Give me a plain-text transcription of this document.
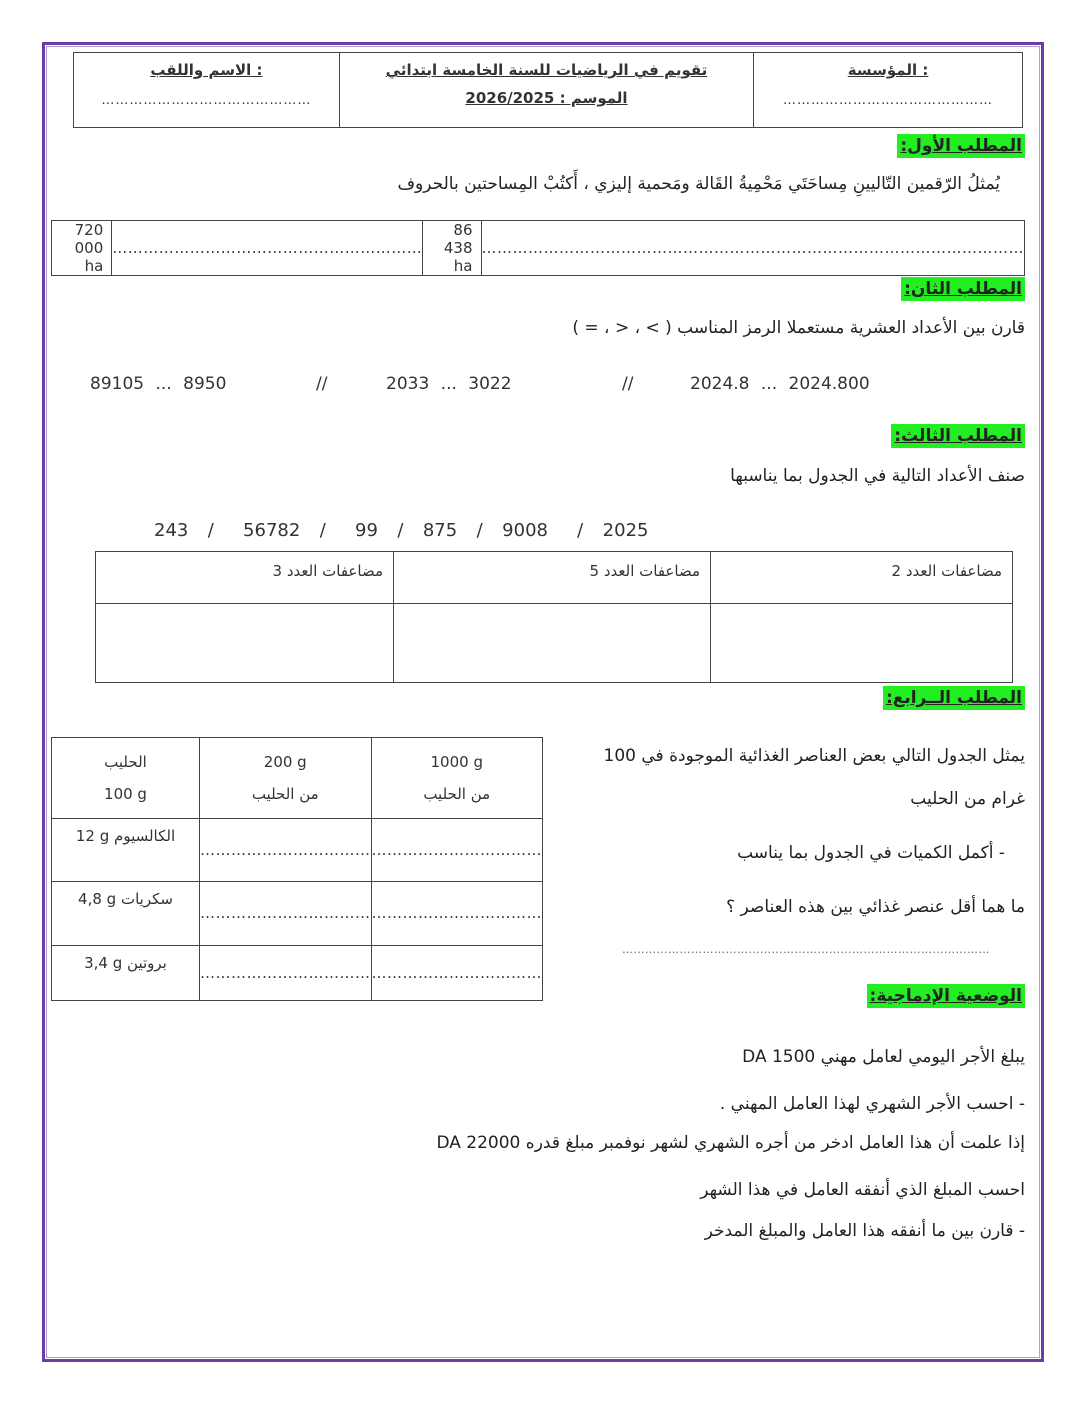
الاسم واللقب :
………………………………………

تقويم في الرياضيات للسنة الخامسة ابتدائي
الموسم : 2026/2025

المؤسسة :
………………………………………
المطلب الأول:
يُمثلُ الرّقمين التّاليينِ مِساحَتَي مَحْمِيةُ القَالة ومَحمية إليزي ، أَكتُبْ المِساحتين بالحروف
720 000 ha	……………………………………………………	86 438 ha	……………………………………………………………………………………………
المطلب الثان:
قارن بين الأعداد العشرية مستعملا الرمز المناسب ( > ، < ، = )
89105 ... 8950	//	2033 ... 3022	//	2024.8 ... 2024.800
المطلب الثالث:
صنف الأعداد التالية في الجدول بما يناسبها
243  /   56782  /   99  /  875  /  9008   /  2025
مضاعفات العدد 3	مضاعفات العدد 5	مضاعفات العدد 2

المطلب الــرابع:
يمثل الجدول التالي بعض العناصر الغذائية الموجودة في 100
غرام من الحليب
- أكمل الكميات في الجدول بما يناسب
ما هما أقل عنصر غذائي بين هذه العناصر ؟
……………………………………………………………………………………
الحليب
100 g

200 g
من الحليب

1000 g
من الحليب

12 g الكالسيوم	……………………………	……………………………
4,8 g سكريات	……………………………	……………………………
3,4 g بروتين	……………………………	……………………………
الوضعية الإدماجية:
يبلغ الأجر اليومي لعامل مهني 1500 DA
- احسب الأجر الشهري لهذا العامل المهني .
إذا علمت أن هذا العامل ادخر من أجره الشهري لشهر نوفمبر مبلغ قدره 22000 DA
احسب المبلغ الذي أنفقه العامل في هذا الشهر
- قارن بين ما أنفقه هذا العامل والمبلغ المدخر
